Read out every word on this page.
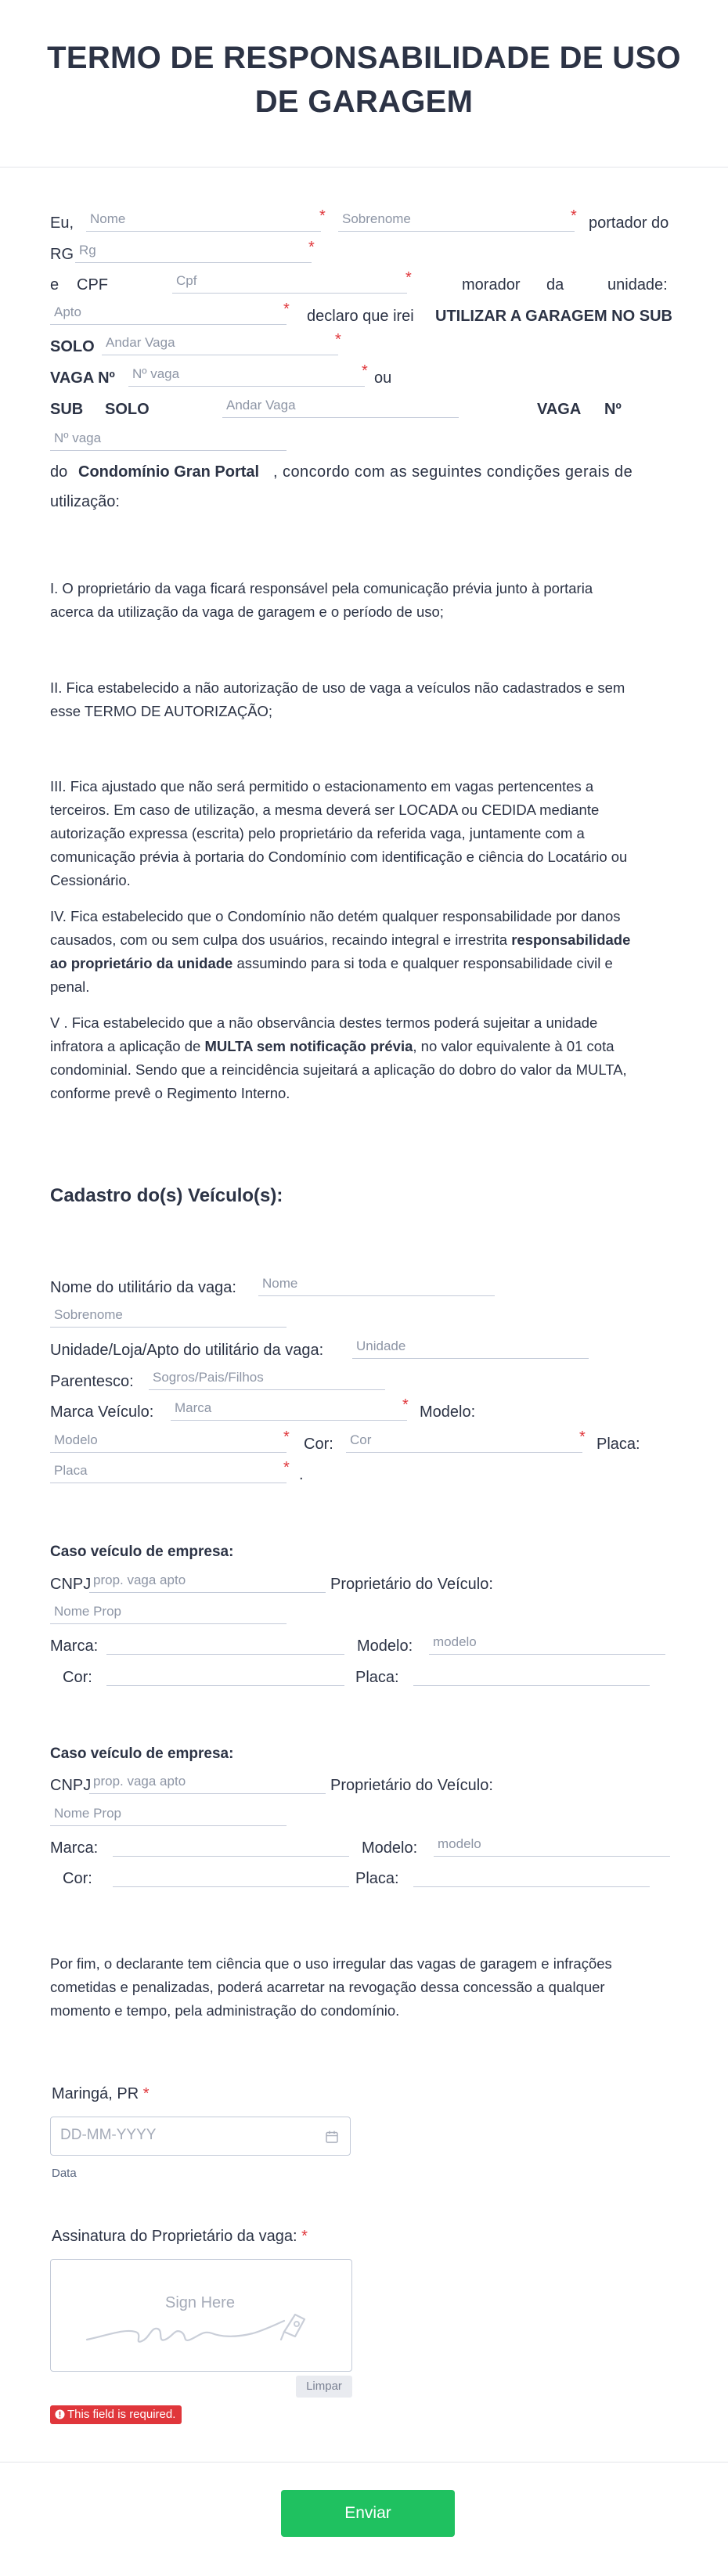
TERMO DE RESPONSABILIDADE DE USO
DE GARAGEM
Eu, Nome	* Sobrenome	* portador do
RG Rg	*
e CPF	Cpf	*	morador da	unidade:
Apto	* declaro que irei UTILIZAR A GARAGEM NO SUB
SOLO Andar Vaga	*
VAGA Nº Nº vaga	* ou
SUB SOLO	Andar Vaga	VAGA Nº
Nº vaga
do Condomínio Gran Portal , concordo com as seguintes condições gerais de
utilização:
I. O proprietário da vaga ficará responsável pela comunicação prévia junto à portaria
acerca da utilização da vaga de garagem e o período de uso;
II. Fica estabelecido a não autorização de uso de vaga a veículos não cadastrados e sem
esse TERMO DE AUTORIZAÇÃO;
III. Fica ajustado que não será permitido o estacionamento em vagas pertencentes a
terceiros. Em caso de utilização, a mesma deverá ser LOCADA ou CEDIDA mediante
autorização expressa (escrita) pelo proprietário da referida vaga, juntamente com a
comunicação prévia à portaria do Condomínio com identificação e ciência do Locatário ou
Cessionário.
IV. Fica estabelecido que o Condomínio não detém qualquer responsabilidade por danos
causados, com ou sem culpa dos usuários, recaindo integral e irrestrita responsabilidade
ao proprietário da unidade assumindo para si toda e qualquer responsabilidade civil e
penal.
V . Fica estabelecido que a não observância destes termos poderá sujeitar a unidade
infratora a aplicação de MULTA sem notificação prévia, no valor equivalente à 01 cota
condominial. Sendo que a reincidência sujeitará a aplicação do dobro do valor da MULTA,
conforme prevê o Regimento Interno.
Cadastro do(s) Veículo(s):
Nome do utilitário da vaga: Nome
Sobrenome
Unidade/Loja/Apto do utilitário da vaga: Unidade
Parentesco: Sogros/Pais/Filhos
Marca Veículo: Marca	* Modelo:
Modelo	* Cor: Cor	* Placa:
Placa	* .
Caso veículo de empresa:
CNPJ prop. vaga apto	Proprietário do Veículo:
Nome Prop
Marca:	Modelo: modelo
Cor:	Placa:
Caso veículo de empresa:
CNPJ prop. vaga apto	Proprietário do Veículo:
Nome Prop
Marca:	Modelo: modelo
Cor:	Placa:
Por fim, o declarante tem ciência que o uso irregular das vagas de garagem e infrações
cometidas e penalizadas, poderá acarretar na revogação dessa concessão a qualquer
momento e tempo, pela administração do condomínio.
Maringá, PR *
DD-MM-YYYY
Data
Assinatura do Proprietário da vaga: *
Sign Here
Limpar
This field is required.
Enviar
